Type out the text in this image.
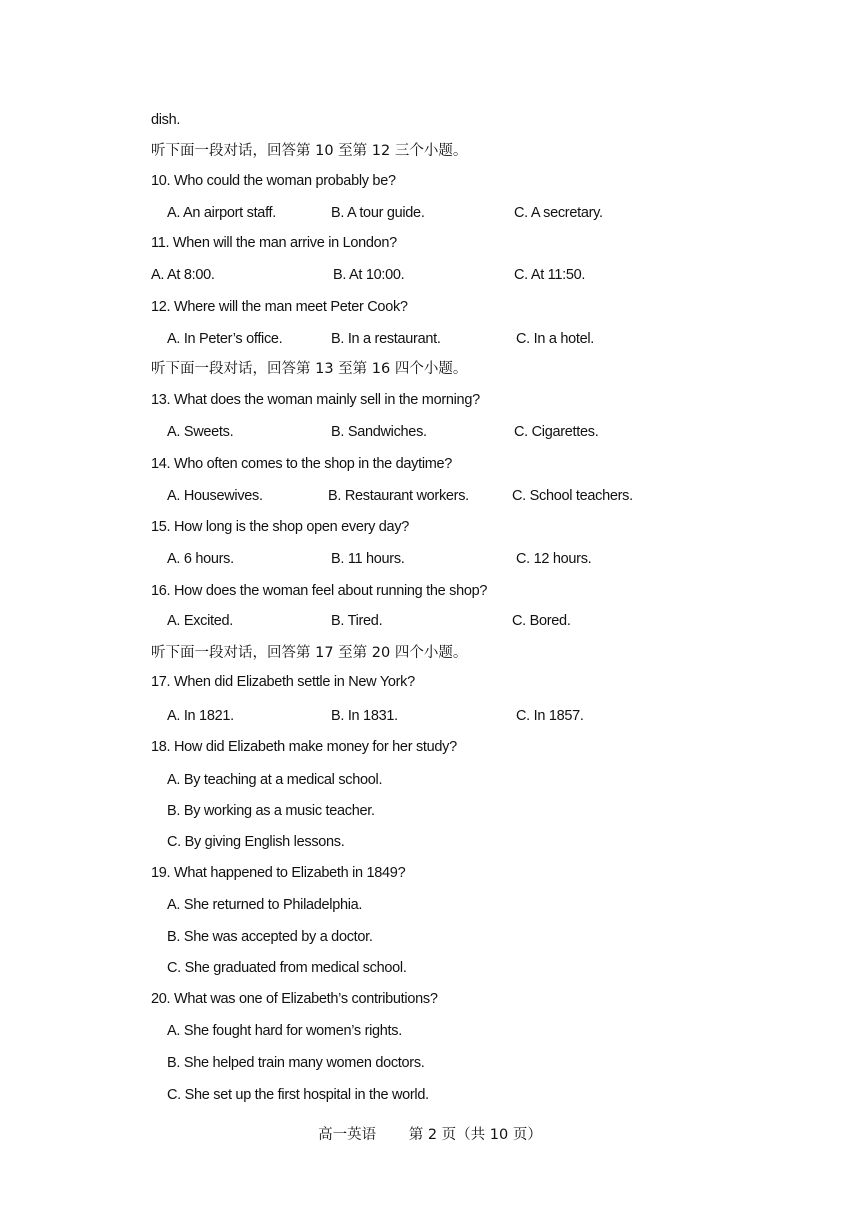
dish.
听下面一段对话，回答第 10 至第 12 三个小题。
10. Who could the woman probably be?
A. An airport staff.	B. A tour guide.	C. A secretary.
11. When will the man arrive in London?
A. At 8:00.	B. At 10:00.	C. At 11:50.
12. Where will the man meet Peter Cook?
A. In Peter’s office.	B. In a restaurant.	C. In a hotel.
听下面一段对话，回答第 13 至第 16 四个小题。
13. What does the woman mainly sell in the morning?
A. Sweets.	B. Sandwiches.	C. Cigarettes.
14. Who often comes to the shop in the daytime?
A. Housewives.	B. Restaurant workers.	C. School teachers.
15. How long is the shop open every day?
A. 6 hours.	B. 11 hours.	C. 12 hours.
16. How does the woman feel about running the shop?
A. Excited.	B. Tired.	C. Bored.
听下面一段对话，回答第 17 至第 20 四个小题。
17. When did Elizabeth settle in New York?
A. In 1821.	B. In 1831.	C. In 1857.
18. How did Elizabeth make money for her study?
A. By teaching at a medical school.
B. By working as a music teacher.
C. By giving English lessons.
19. What happened to Elizabeth in 1849?
A. She returned to Philadelphia.
B. She was accepted by a doctor.
C. She graduated from medical school.
20. What was one of Elizabeth’s contributions?
A. She fought hard for women’s rights.
B. She helped train many women doctors.
C. She set up the first hospital in the world.
高一英语 第 2 页（共 10 页）
